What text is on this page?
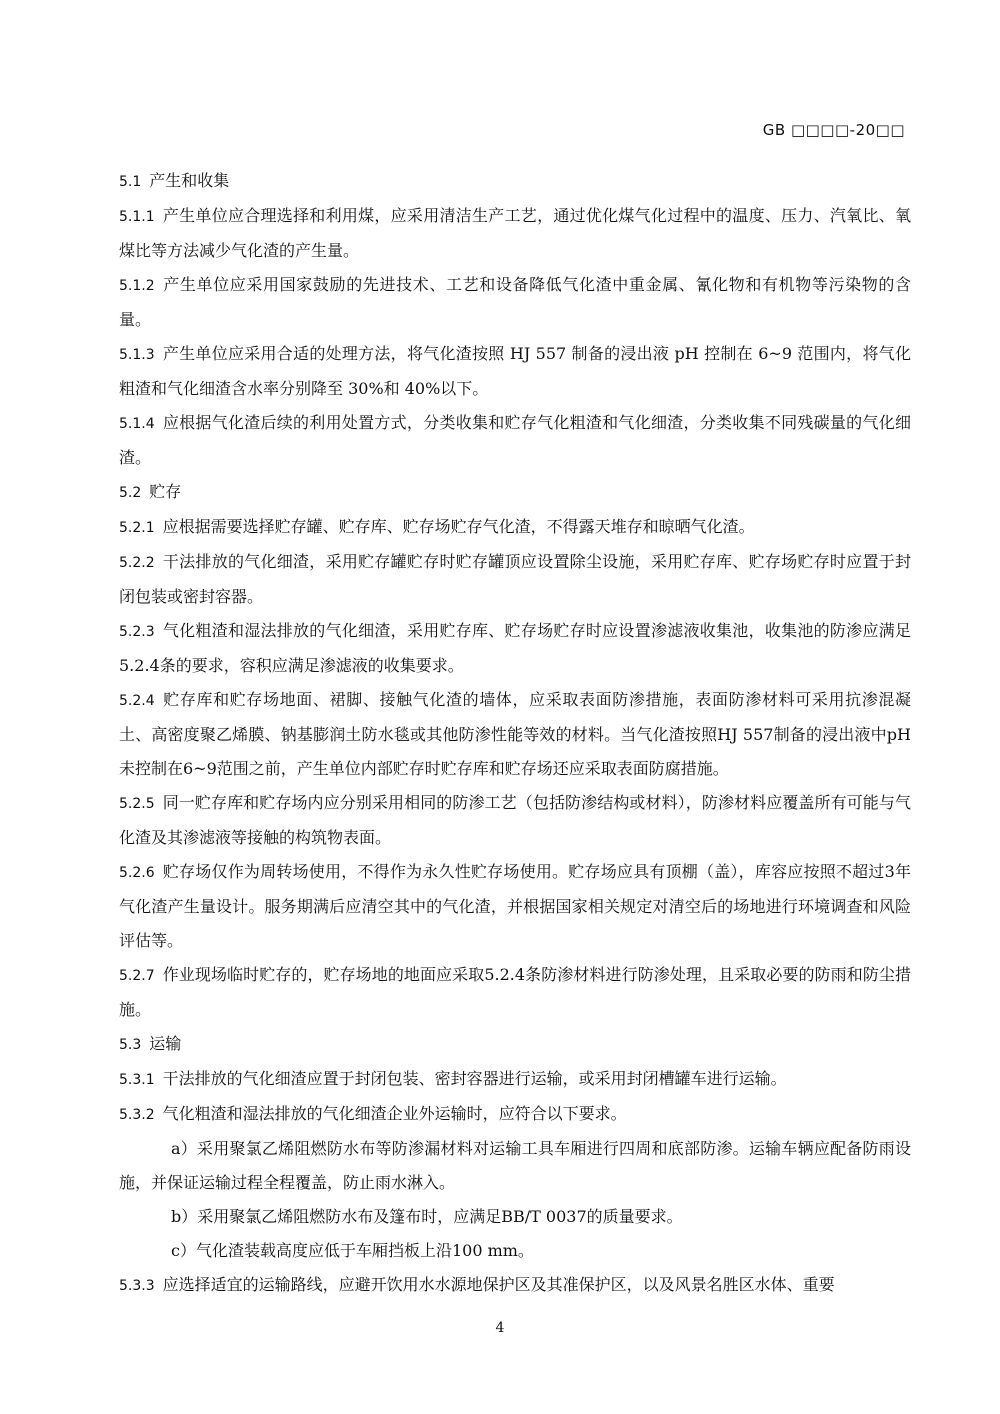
GB □□□□-20□□

5.1 产生和收集

5.1.1 产生单位应合理选择和利用煤，应采用清洁生产工艺，通过优化煤气化过程中的温度、压力、汽氧比、氧煤比等方法减少气化渣的产生量。

5.1.2 产生单位应采用国家鼓励的先进技术、工艺和设备降低气化渣中重金属、氰化物和有机物等污染物的含量。

5.1.3 产生单位应采用合适的处理方法，将气化渣按照 HJ 557 制备的浸出液 pH 控制在 6~9 范围内，将气化粗渣和气化细渣含水率分别降至 30%和 40%以下。

5.1.4 应根据气化渣后续的利用处置方式，分类收集和贮存气化粗渣和气化细渣，分类收集不同残碳量的气化细渣。

5.2 贮存

5.2.1 应根据需要选择贮存罐、贮存库、贮存场贮存气化渣，不得露天堆存和晾晒气化渣。

5.2.2 干法排放的气化细渣，采用贮存罐贮存时贮存罐顶应设置除尘设施，采用贮存库、贮存场贮存时应置于封闭包装或密封容器。

5.2.3 气化粗渣和湿法排放的气化细渣，采用贮存库、贮存场贮存时应设置渗滤液收集池，收集池的防渗应满足5.2.4条的要求，容积应满足渗滤液的收集要求。

5.2.4 贮存库和贮存场地面、裙脚、接触气化渣的墙体，应采取表面防渗措施，表面防渗材料可采用抗渗混凝土、高密度聚乙烯膜、钠基膨润土防水毯或其他防渗性能等效的材料。当气化渣按照HJ 557制备的浸出液中pH未控制在6~9范围之前，产生单位内部贮存时贮存库和贮存场还应采取表面防腐措施。

5.2.5 同一贮存库和贮存场内应分别采用相同的防渗工艺（包括防渗结构或材料），防渗材料应覆盖所有可能与气化渣及其渗滤液等接触的构筑物表面。

5.2.6 贮存场仅作为周转场使用，不得作为永久性贮存场使用。贮存场应具有顶棚（盖），库容应按照不超过3年气化渣产生量设计。服务期满后应清空其中的气化渣，并根据国家相关规定对清空后的场地进行环境调查和风险评估等。

5.2.7 作业现场临时贮存的，贮存场地的地面应采取5.2.4条防渗材料进行防渗处理，且采取必要的防雨和防尘措施。

5.3 运输

5.3.1 干法排放的气化细渣应置于封闭包装、密封容器进行运输，或采用封闭槽罐车进行运输。

5.3.2 气化粗渣和湿法排放的气化细渣企业外运输时，应符合以下要求。

a）采用聚氯乙烯阻燃防水布等防渗漏材料对运输工具车厢进行四周和底部防渗。运输车辆应配备防雨设施，并保证运输过程全程覆盖，防止雨水淋入。

b）采用聚氯乙烯阻燃防水布及篷布时，应满足BB/T 0037的质量要求。

c）气化渣装载高度应低于车厢挡板上沿100 mm。

5.3.3 应选择适宜的运输路线，应避开饮用水水源地保护区及其准保护区，以及风景名胜区水体、重要

4
